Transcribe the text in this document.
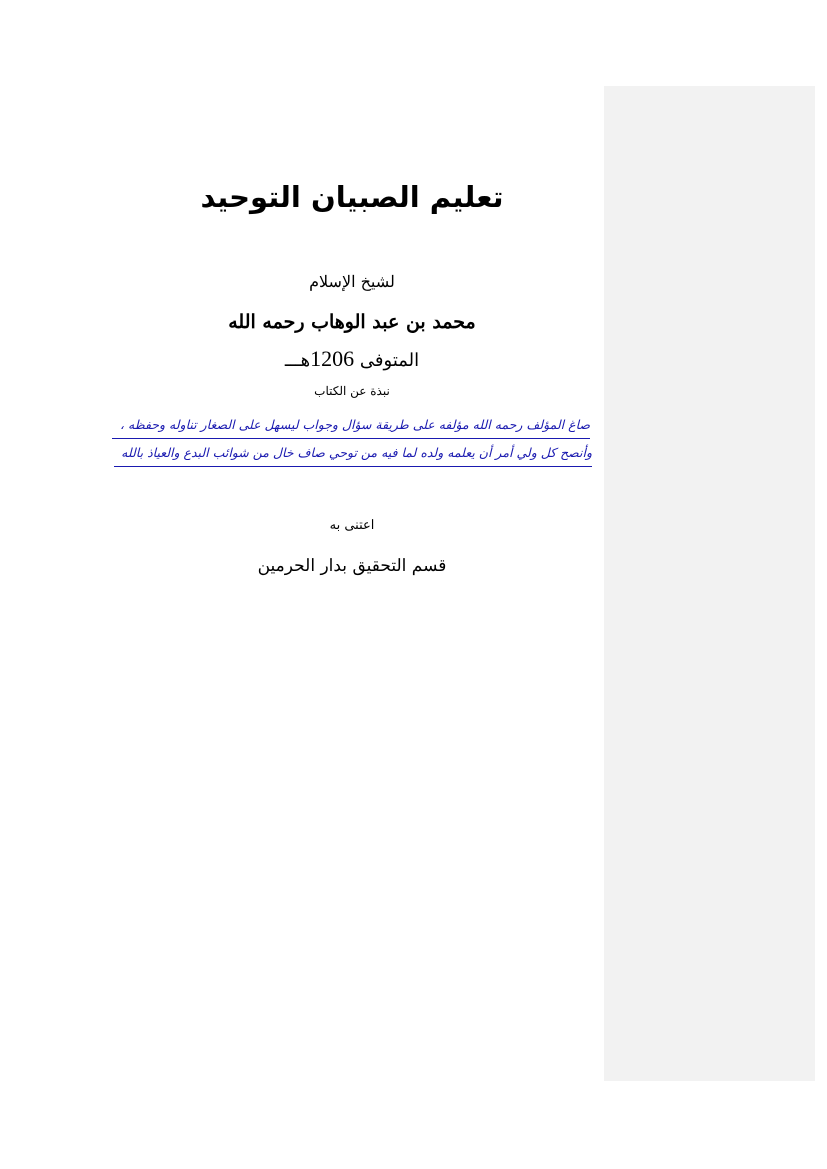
تعليم الصبيان التوحيد
لشيخ الإسلام
محمد بن عبد الوهاب رحمه الله
المتوفى 1206هـــ
نبذة عن الكتاب
صاغ المؤلف رحمه الله مؤلفه على طريقة سؤال وجواب ليسهل على الصغار تناوله وحفظه ،
وأنصح كل ولي أمر أن يعلمه ولده لما فيه من توحي صاف خال من شوائب البدع والعياذ بالله
اعتنى به
قسم التحقيق بدار الحرمين
